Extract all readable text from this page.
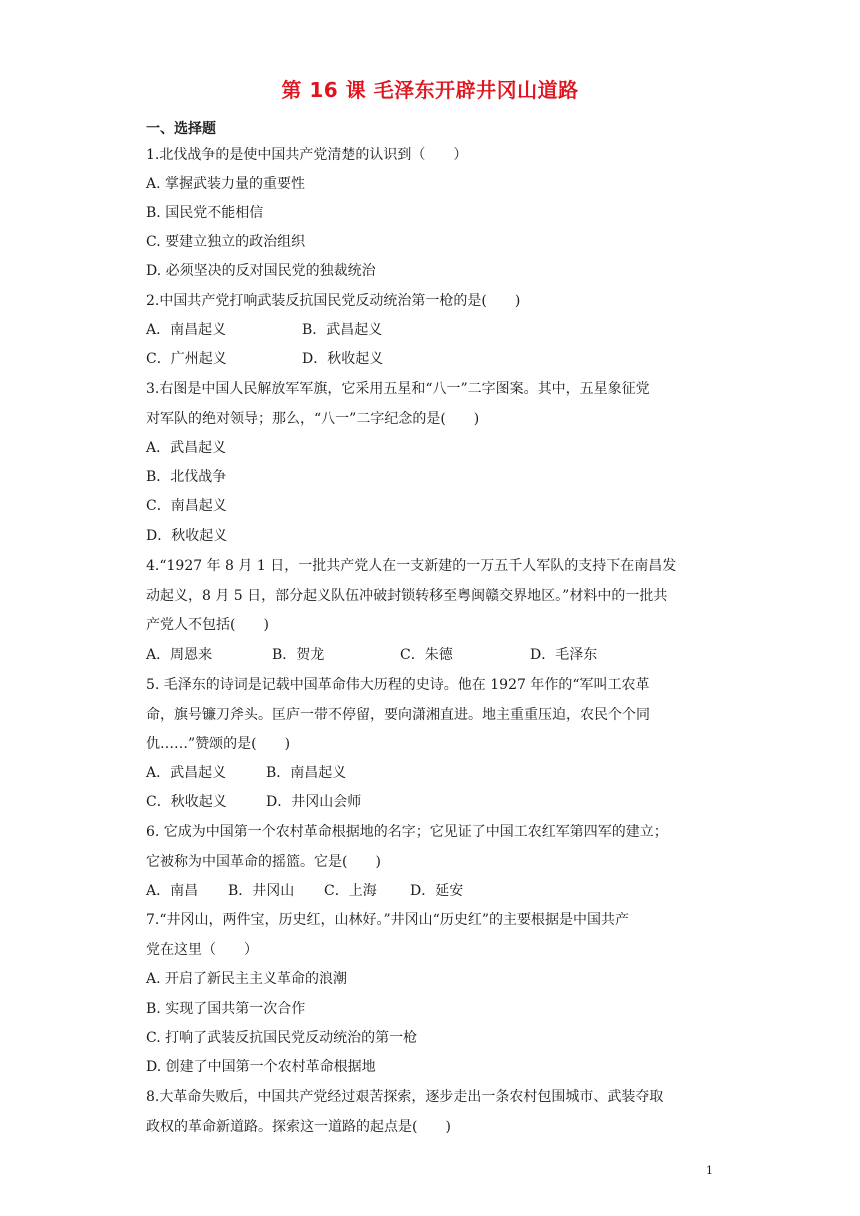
第 16 课 毛泽东开辟井冈山道路
一、选择题
1.北伐战争的是使中国共产党清楚的认识到（　　）
A. 掌握武装力量的重要性
B. 国民党不能相信
C. 要建立独立的政治组织
D. 必须坚决的反对国民党的独裁统治
2.中国共产党打响武装反抗国民党反动统治第一枪的是(　　)
A．南昌起义	B．武昌起义
C．广州起义	D．秋收起义
3.右图是中国人民解放军军旗，它采用五星和“八一”二字图案。其中，五星象征党
对军队的绝对领导；那么，“八一”二字纪念的是(　　)
A．武昌起义
B．北伐战争
C．南昌起义
D．秋收起义
4.“1927 年 8 月 1 日，一批共产党人在一支新建的一万五千人军队的支持下在南昌发
动起义，8 月 5 日，部分起义队伍冲破封锁转移至粤闽赣交界地区。”材料中的一批共
产党人不包括(　　)
A．周恩来	B．贺龙	C．朱德	D．毛泽东
5. 毛泽东的诗词是记载中国革命伟大历程的史诗。他在 1927 年作的“军叫工农革
命，旗号镰刀斧头。匡庐一带不停留，要向潇湘直进。地主重重压迫，农民个个同
仇……”赞颂的是(　　)
A．武昌起义	B．南昌起义
C．秋收起义	D．井冈山会师
6. 它成为中国第一个农村革命根据地的名字；它见证了中国工农红军第四军的建立；
它被称为中国革命的摇篮。它是(　　)
A．南昌 B．井冈山 C．上海 D．延安
7.“井冈山，两件宝，历史红，山林好。”井冈山“历史红”的主要根据是中国共产
党在这里（　　）
A. 开启了新民主主义革命的浪潮
B. 实现了国共第一次合作
C. 打响了武装反抗国民党反动统治的第一枪
D. 创建了中国第一个农村革命根据地
8.大革命失败后，中国共产党经过艰苦探索，逐步走出一条农村包围城市、武装夺取
政权的革命新道路。探索这一道路的起点是(　　)
1
